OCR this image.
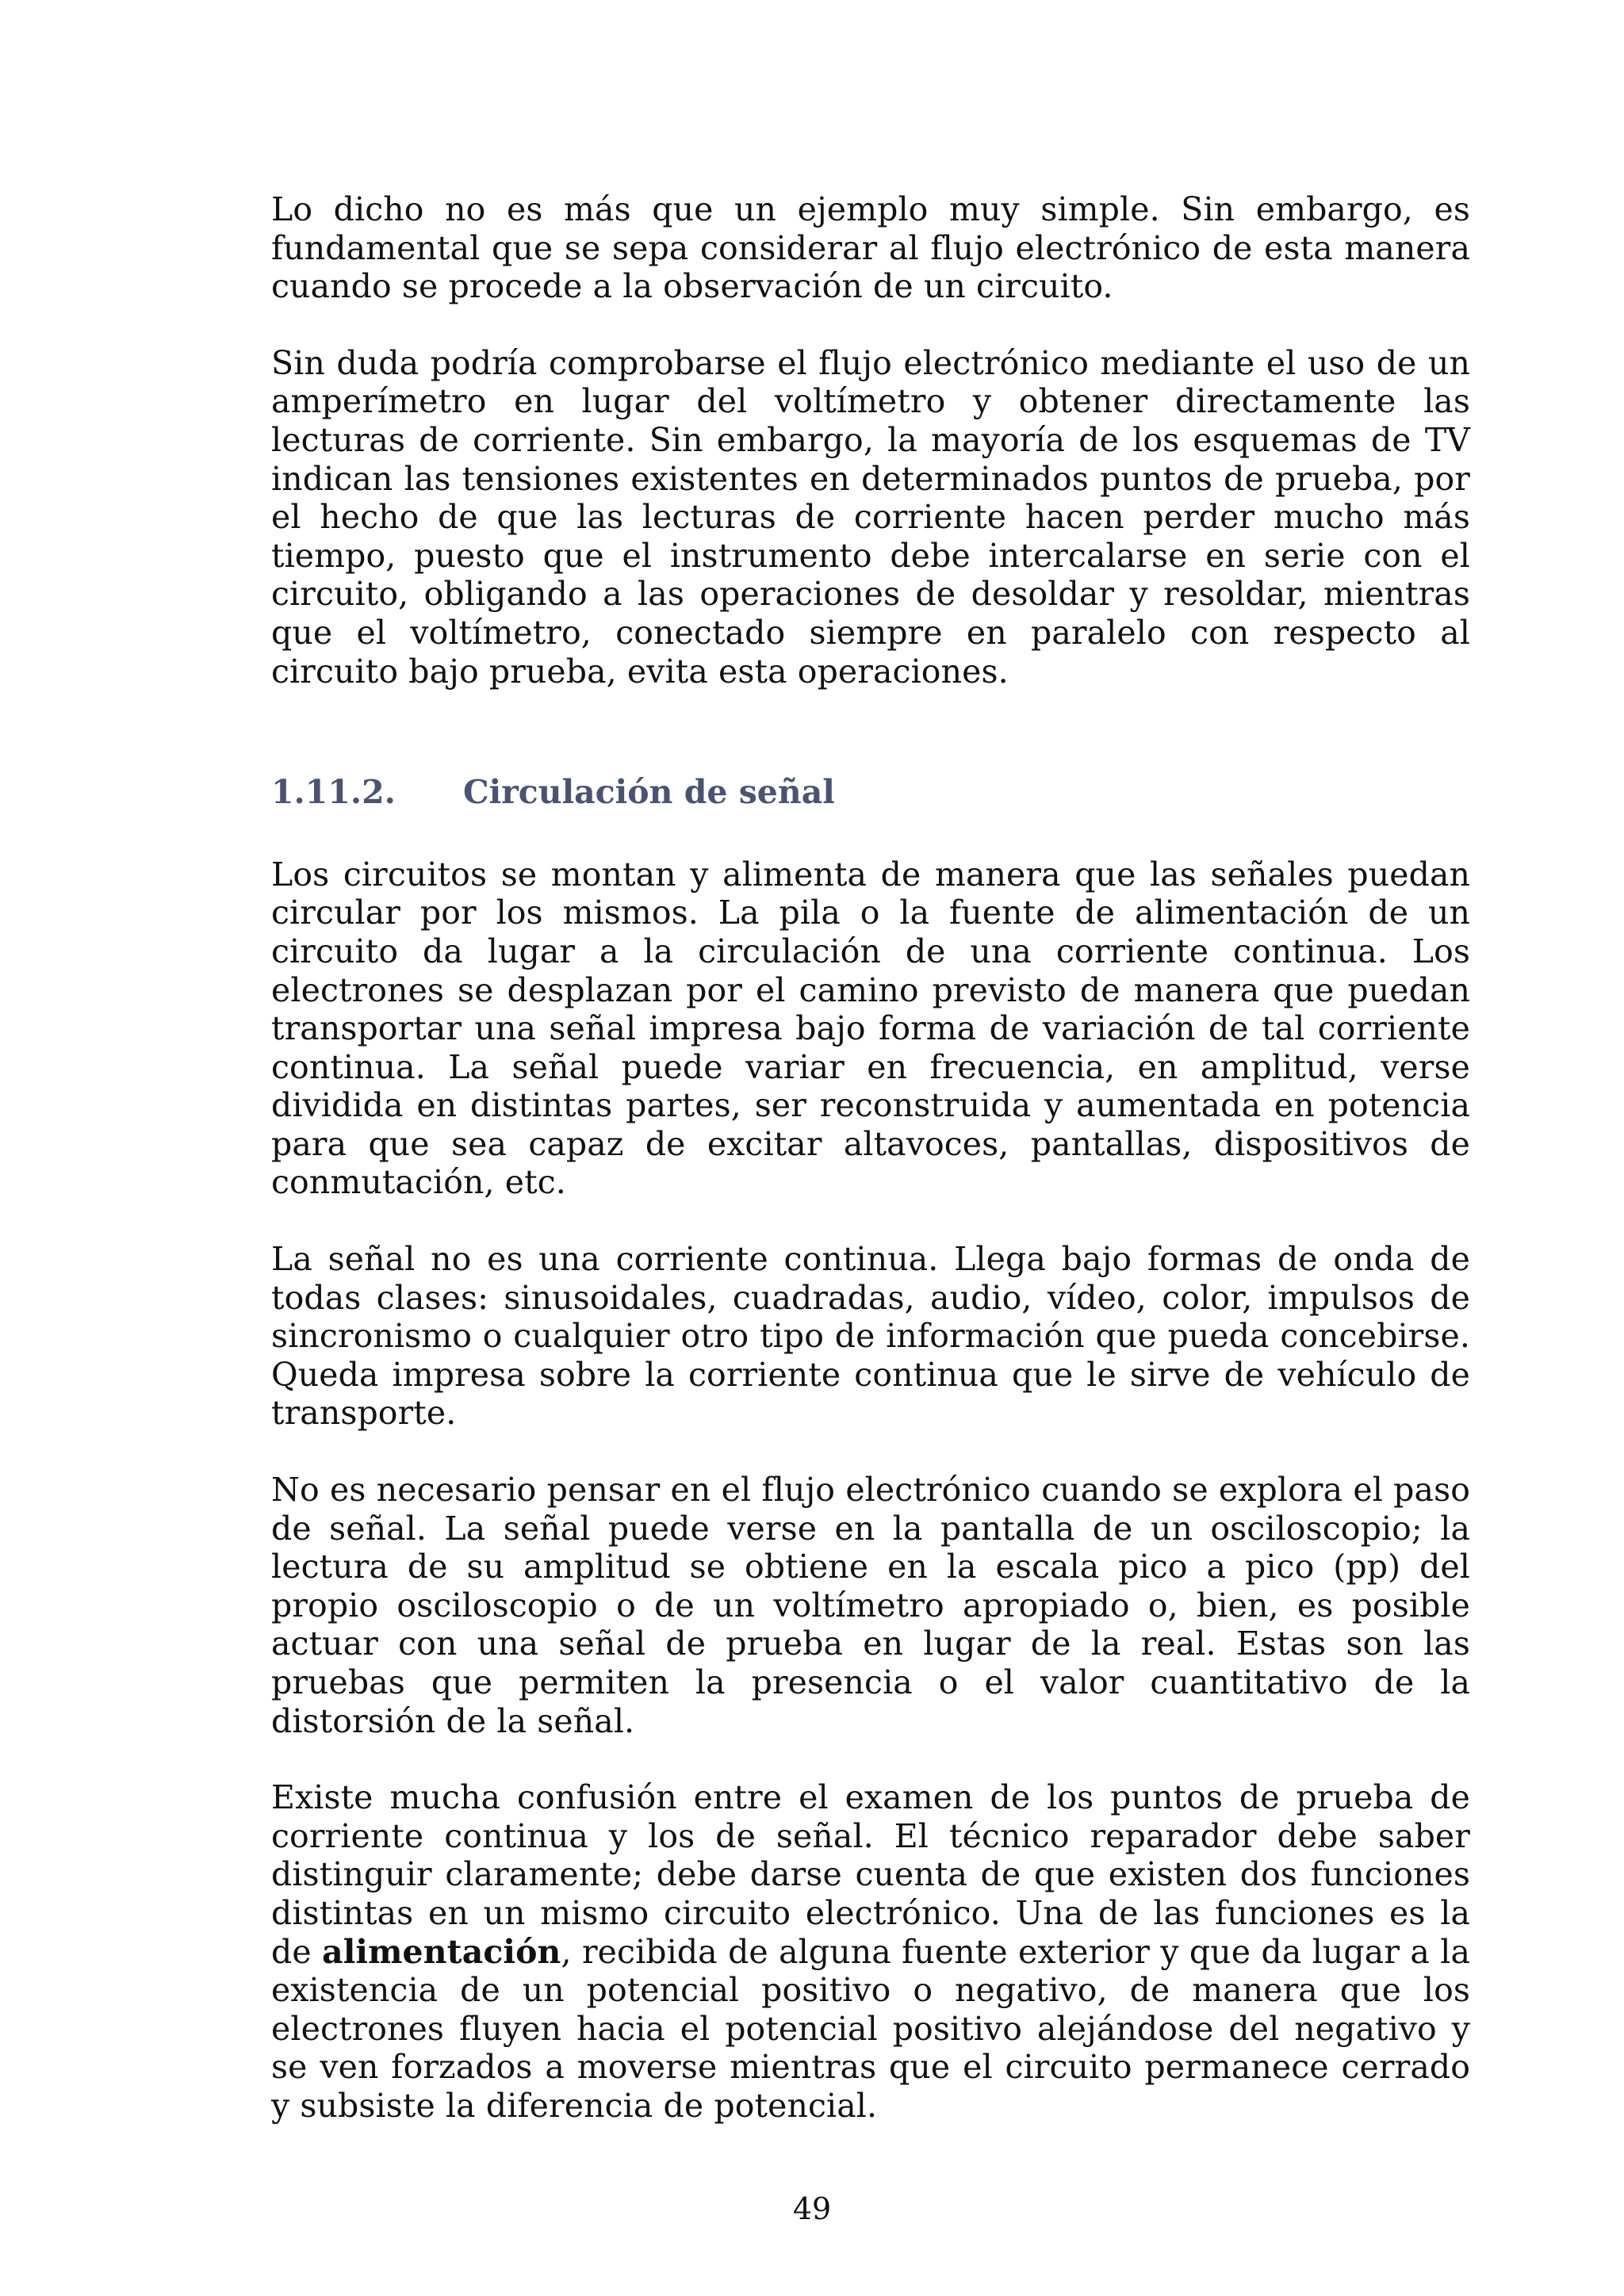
Lo dicho no es más que un ejemplo muy simple. Sin embargo, es fundamental que se sepa considerar al flujo electrónico de esta manera cuando se procede a la observación de un circuito.

Sin duda podría comprobarse el flujo electrónico mediante el uso de un amperímetro en lugar del voltímetro y obtener directamente las lecturas de corriente. Sin embargo, la mayoría de los esquemas de TV indican las tensiones existentes en determinados puntos de prueba, por el hecho de que las lecturas de corriente hacen perder mucho más tiempo, puesto que el instrumento debe intercalarse en serie con el circuito, obligando a las operaciones de desoldar y resoldar, mientras que el voltímetro, conectado siempre en paralelo con respecto al circuito bajo prueba, evita esta operaciones.

1.11.2.	Circulación de señal

Los circuitos se montan y alimenta de manera que las señales puedan circular por los mismos. La pila o la fuente de alimentación de un circuito da lugar a la circulación de una corriente continua. Los electrones se desplazan por el camino previsto de manera que puedan transportar una señal impresa bajo forma de variación de tal corriente continua. La señal puede variar en frecuencia, en amplitud, verse dividida en distintas partes, ser reconstruida y aumentada en potencia para que sea capaz de excitar altavoces, pantallas, dispositivos de conmutación, etc.

La señal no es una corriente continua. Llega bajo formas de onda de todas clases: sinusoidales, cuadradas, audio, vídeo, color, impulsos de sincronismo o cualquier otro tipo de información que pueda concebirse. Queda impresa sobre la corriente continua que le sirve de vehículo de transporte.

No es necesario pensar en el flujo electrónico cuando se explora el paso de señal. La señal puede verse en la pantalla de un osciloscopio; la lectura de su amplitud se obtiene en la escala pico a pico (pp) del propio osciloscopio o de un voltímetro apropiado o, bien, es posible actuar con una señal de prueba en lugar de la real. Estas son las pruebas que permiten la presencia o el valor cuantitativo de la distorsión de la señal.

Existe mucha confusión entre el examen de los puntos de prueba de corriente continua y los de señal. El técnico reparador debe saber distinguir claramente; debe darse cuenta de que existen dos funciones distintas en un mismo circuito electrónico. Una de las funciones es la de alimentación, recibida de alguna fuente exterior y que da lugar a la existencia de un potencial positivo o negativo, de manera que los electrones fluyen hacia el potencial positivo alejándose del negativo y se ven forzados a moverse mientras que el circuito permanece cerrado y subsiste la diferencia de potencial.

49
